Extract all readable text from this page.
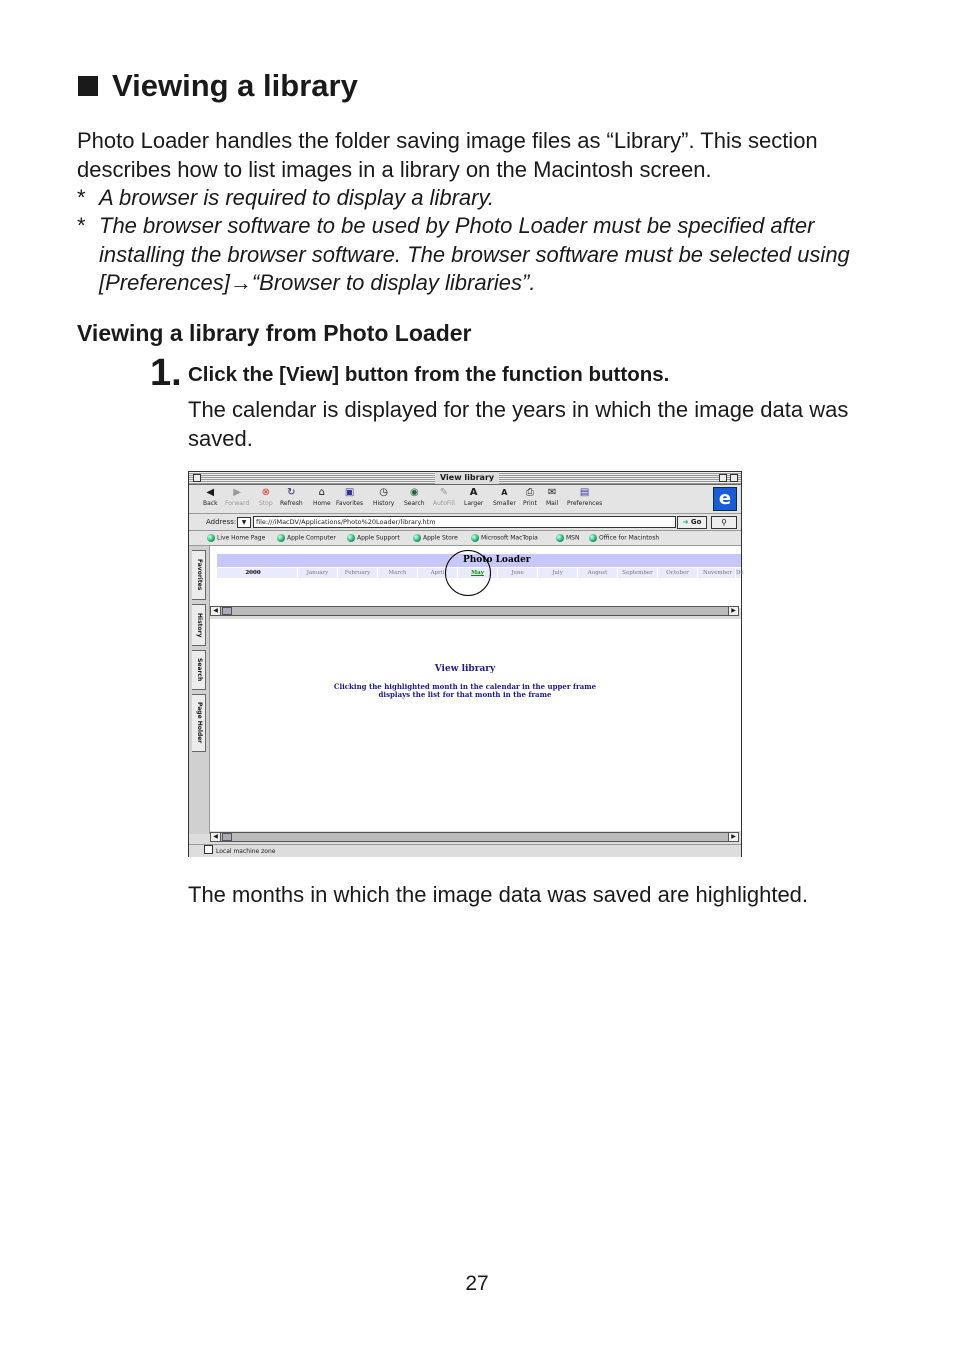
Viewing a library
Photo Loader handles the folder saving image files as “Library”. This section describes how to list images in a library on the Macintosh screen.
* A browser is required to display a library.
* The browser software to be used by Photo Loader must be specified after installing the browser software. The browser software must be selected using [Preferences]→“Browser to display libraries”.
Viewing a library from Photo Loader
1. Click the [View] button from the function buttons.
The calendar is displayed for the years in which the image data was saved.
View library
◀
Back
▶
Forward
⊗
Stop
↻
Refresh
⌂
Home
▣
Favorites
◷
History
◉
Search
✎
AutoFill
A
Larger
A
Smaller
⎙
Print
✉
Mail
▤
Preferences	e
Address: ▼	file:///iMacDV/Applications/Photo%20Loader/library.htm	➜ Go	⚲
Live Home Page	Apple Computer	Apple Support	Apple Store	Microsoft MacTopia	MSN	Office for Macintosh
Favorites
History
Search
Page Holder
Photo Loader
2000	January	February	March	April	May	June	July	August	September	October	November De
◀	▶
View library
Clicking the highlighted month in the calendar in the upper frame
displays the list for that month in the frame
◀	▶
Local machine zone
The months in which the image data was saved are highlighted.
27
